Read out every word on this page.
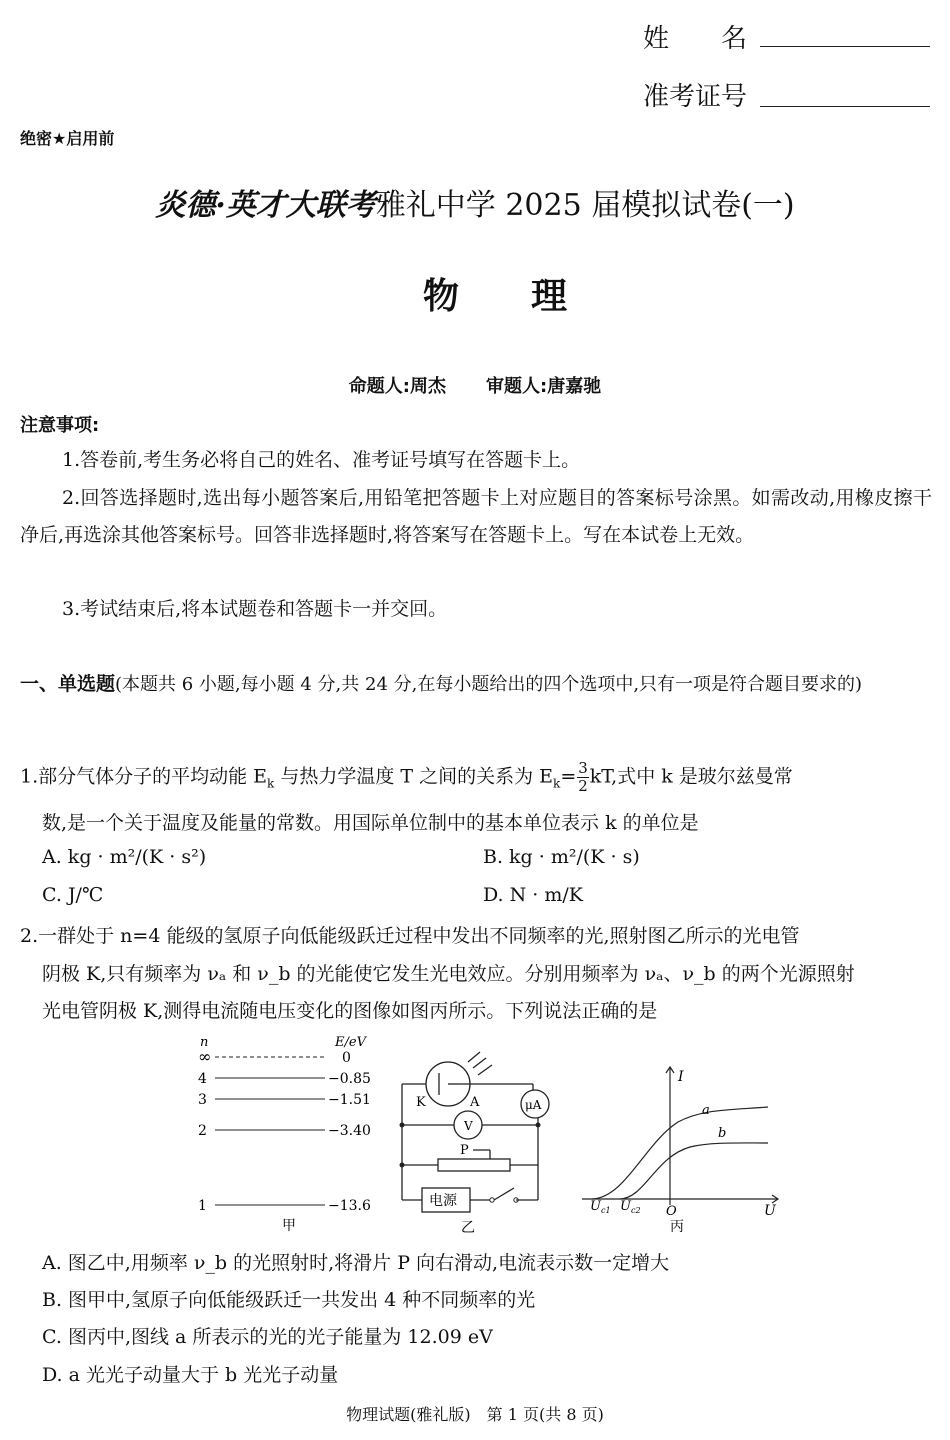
姓　　名
准考证号
绝密★启用前
炎德·英才大联考雅礼中学 2025 届模拟试卷(一)
物　　理
命题人:周杰 审题人:唐嘉驰
注意事项:
1.答卷前,考生务必将自己的姓名、准考证号填写在答题卡上。
2.回答选择题时,选出每小题答案后,用铅笔把答题卡上对应题目的答案标号涂黑。如需改动,用橡皮擦干净后,再选涂其他答案标号。回答非选择题时,将答案写在答题卡上。写在本试卷上无效。
3.考试结束后,将本试题卷和答题卡一并交回。
一、单选题(本题共 6 小题,每小题 4 分,共 24 分,在每小题给出的四个选项中,只有一项是符合题目要求的)
1.部分气体分子的平均动能 $E_k$ 与热力学温度 T 之间的关系为 $E_k= \frac{3}{2}$ kT,式中 k 是玻尔兹曼常
数,是一个关于温度及能量的常数。用国际单位制中的基本单位表示 k 的单位是
A. kg · m²/(K · s²)	B. kg · m²/(K · s)
C. J/℃	D. N · m/K
2.一群处于 n=4 能级的氢原子向低能级跃迁过程中发出不同频率的光,照射图乙所示的光电管
阴极 K,只有频率为 νₐ 和 ν_b 的光能使它发生光电效应。分别用频率为 νₐ、ν_b 的两个光源照射
光电管阴极 K,测得电流随电压变化的图像如图丙所示。下列说法正确的是
n	E/eV
∞	0
4	−0.85
3	−1.51
2	−3.40
1	−13.6
甲
K	A	μA
V
P
电源
乙
I
U
O
a
b
$U_{c1}$ $U_{c2}$
丙
A. 图乙中,用频率 ν_b 的光照射时,将滑片 P 向右滑动,电流表示数一定增大
B. 图甲中,氢原子向低能级跃迁一共发出 4 种不同频率的光
C. 图丙中,图线 a 所表示的光的光子能量为 12.09 eV
D. a 光光子动量大于 b 光光子动量
物理试题(雅礼版)　第 1 页(共 8 页)
